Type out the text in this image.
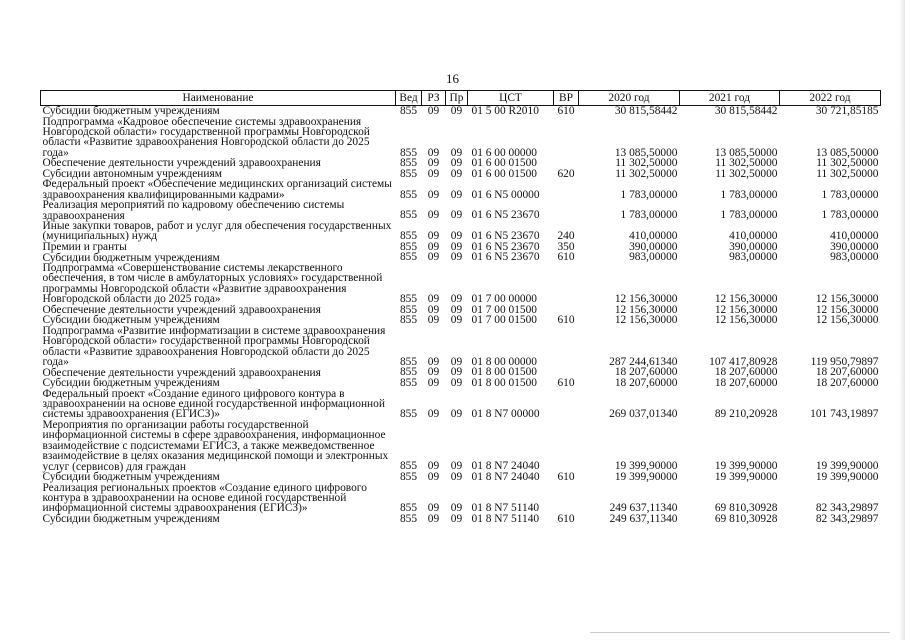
16
Наименование	Вед	РЗ	Пр	ЦСТ	ВР	2020 год	2021 год	2022 год
Субсидии бюджетным учреждениям	855	09	09	01 5 00 R2010	610	30 815,58442	30 815,58442	30 721,85185
Подпрограмма «Кадровое обеспечение системы здравоохранения Новгородской области» государственной программы Новгородской области «Развитие здравоохранения Новгородской области до 2025 года»	855	09	09	01 6 00 00000		13 085,50000	13 085,50000	13 085,50000
Обеспечение деятельности учреждений здравоохранения	855	09	09	01 6 00 01500		11 302,50000	11 302,50000	11 302,50000
Субсидии автономным учреждениям	855	09	09	01 6 00 01500	620	11 302,50000	11 302,50000	11 302,50000
Федеральный проект «Обеспечение медицинских организаций системы здравоохранения квалифицированными кадрами»	855	09	09	01 6 N5 00000		1 783,00000	1 783,00000	1 783,00000
Реализация мероприятий по кадровому обеспечению системы здравоохранения	855	09	09	01 6 N5 23670		1 783,00000	1 783,00000	1 783,00000
Иные закупки товаров, работ и услуг для обеспечения государственных (муниципальных) нужд	855	09	09	01 6 N5 23670	240	410,00000	410,00000	410,00000
Премии и гранты	855	09	09	01 6 N5 23670	350	390,00000	390,00000	390,00000
Субсидии бюджетным учреждениям	855	09	09	01 6 N5 23670	610	983,00000	983,00000	983,00000
Подпрограмма «Совершенствование системы лекарственного обеспечения, в том числе в амбулаторных условиях» государственной программы Новгородской области «Развитие здравоохранения Новгородской области до 2025 года»	855	09	09	01 7 00 00000		12 156,30000	12 156,30000	12 156,30000
Обеспечение деятельности учреждений здравоохранения	855	09	09	01 7 00 01500		12 156,30000	12 156,30000	12 156,30000
Субсидии бюджетным учреждениям	855	09	09	01 7 00 01500	610	12 156,30000	12 156,30000	12 156,30000
Подпрограмма «Развитие информатизации в системе здравоохранения Новгородской области» государственной программы Новгородской области «Развитие здравоохранения Новгородской области до 2025 года»	855	09	09	01 8 00 00000		287 244,61340	107 417,80928	119 950,79897
Обеспечение деятельности учреждений здравоохранения	855	09	09	01 8 00 01500		18 207,60000	18 207,60000	18 207,60000
Субсидии бюджетным учреждениям	855	09	09	01 8 00 01500	610	18 207,60000	18 207,60000	18 207,60000
Федеральный проект «Создание единого цифрового контура в здравоохранении на основе единой государственной информационной системы здравоохранения (ЕГИСЗ)»	855	09	09	01 8 N7 00000		269 037,01340	89 210,20928	101 743,19897
Мероприятия по организации работы государственной информационной системы в сфере здравоохранения, информационное взаимодействие с подсистемами ЕГИСЗ, а также межведомственное взаимодействие в целях оказания медицинской помощи и электронных услуг (сервисов) для граждан	855	09	09	01 8 N7 24040		19 399,90000	19 399,90000	19 399,90000
Субсидии бюджетным учреждениям	855	09	09	01 8 N7 24040	610	19 399,90000	19 399,90000	19 399,90000
Реализация региональных проектов «Создание единого цифрового контура в здравоохранении на основе единой государственной информационной системы здравоохранения (ЕГИСЗ)»	855	09	09	01 8 N7 51140		249 637,11340	69 810,30928	82 343,29897
Субсидии бюджетным учреждениям	855	09	09	01 8 N7 51140	610	249 637,11340	69 810,30928	82 343,29897
